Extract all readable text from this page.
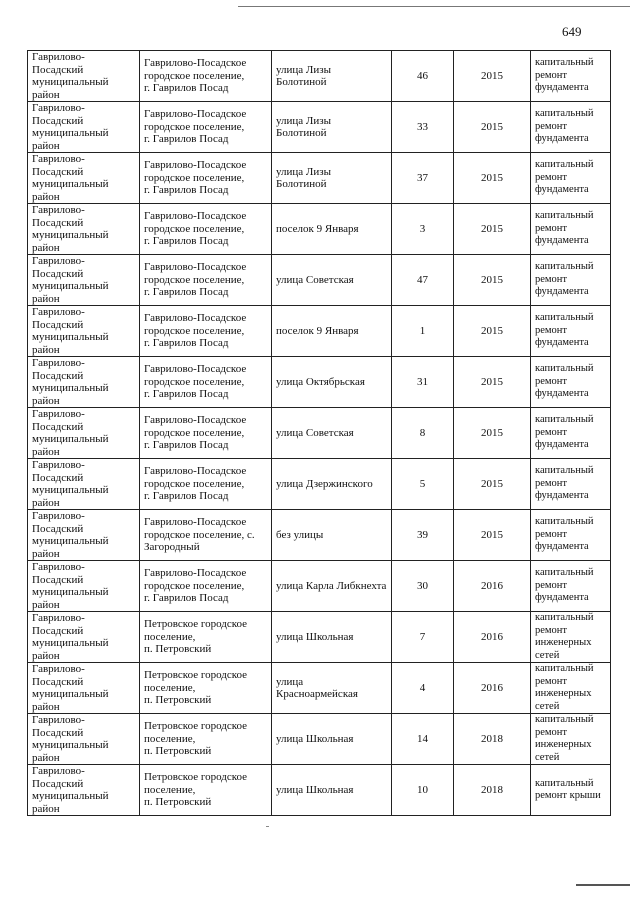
649
Гаврилово-
Посадский
муниципальный
район	Гаврилово-Посадское
городское поселение,
г. Гаврилов Посад	улица Лизы
Болотиной	46	2015	капитальный
ремонт
фундамента

Гаврилово-
Посадский
муниципальный
район	Гаврилово-Посадское
городское поселение,
г. Гаврилов Посад	улица Лизы
Болотиной	33	2015	капитальный
ремонт
фундамента

Гаврилово-
Посадский
муниципальный
район	Гаврилово-Посадское
городское поселение,
г. Гаврилов Посад	улица Лизы
Болотиной	37	2015	капитальный
ремонт
фундамента

Гаврилово-
Посадский
муниципальный
район	Гаврилово-Посадское
городское поселение,
г. Гаврилов Посад	поселок 9 Января	3	2015	капитальный
ремонт
фундамента

Гаврилово-
Посадский
муниципальный
район	Гаврилово-Посадское
городское поселение,
г. Гаврилов Посад	улица Советская	47	2015	капитальный
ремонт
фундамента

Гаврилово-
Посадский
муниципальный
район	Гаврилово-Посадское
городское поселение,
г. Гаврилов Посад	поселок 9 Января	1	2015	капитальный
ремонт
фундамента

Гаврилово-
Посадский
муниципальный
район	Гаврилово-Посадское
городское поселение,
г. Гаврилов Посад	улица Октябрьская	31	2015	капитальный
ремонт
фундамента

Гаврилово-
Посадский
муниципальный
район	Гаврилово-Посадское
городское поселение,
г. Гаврилов Посад	улица Советская	8	2015	капитальный
ремонт
фундамента

Гаврилово-
Посадский
муниципальный
район	Гаврилово-Посадское
городское поселение,
г. Гаврилов Посад	улица Дзержинского	5	2015	капитальный
ремонт
фундамента

Гаврилово-
Посадский
муниципальный
район	Гаврилово-Посадское
городское поселение, с.
Загородный	без улицы	39	2015	капитальный
ремонт
фундамента

Гаврилово-
Посадский
муниципальный
район	Гаврилово-Посадское
городское поселение,
г. Гаврилов Посад	улица Карла Либкнехта	30	2016	капитальный
ремонт
фундамента

Гаврилово-
Посадский
муниципальный
район	Петровское городское
поселение,
п. Петровский	улица Школьная	7	2016	капитальный
ремонт
инженерных
сетей

Гаврилово-
Посадский
муниципальный
район	Петровское городское
поселение,
п. Петровский	улица
Красноармейская	4	2016	капитальный
ремонт
инженерных
сетей

Гаврилово-
Посадский
муниципальный
район	Петровское городское
поселение,
п. Петровский	улица Школьная	14	2018	капитальный
ремонт
инженерных
сетей

Гаврилово-
Посадский
муниципальный
район	Петровское городское
поселение,
п. Петровский	улица Школьная	10	2018	капитальный
ремонт крыши
